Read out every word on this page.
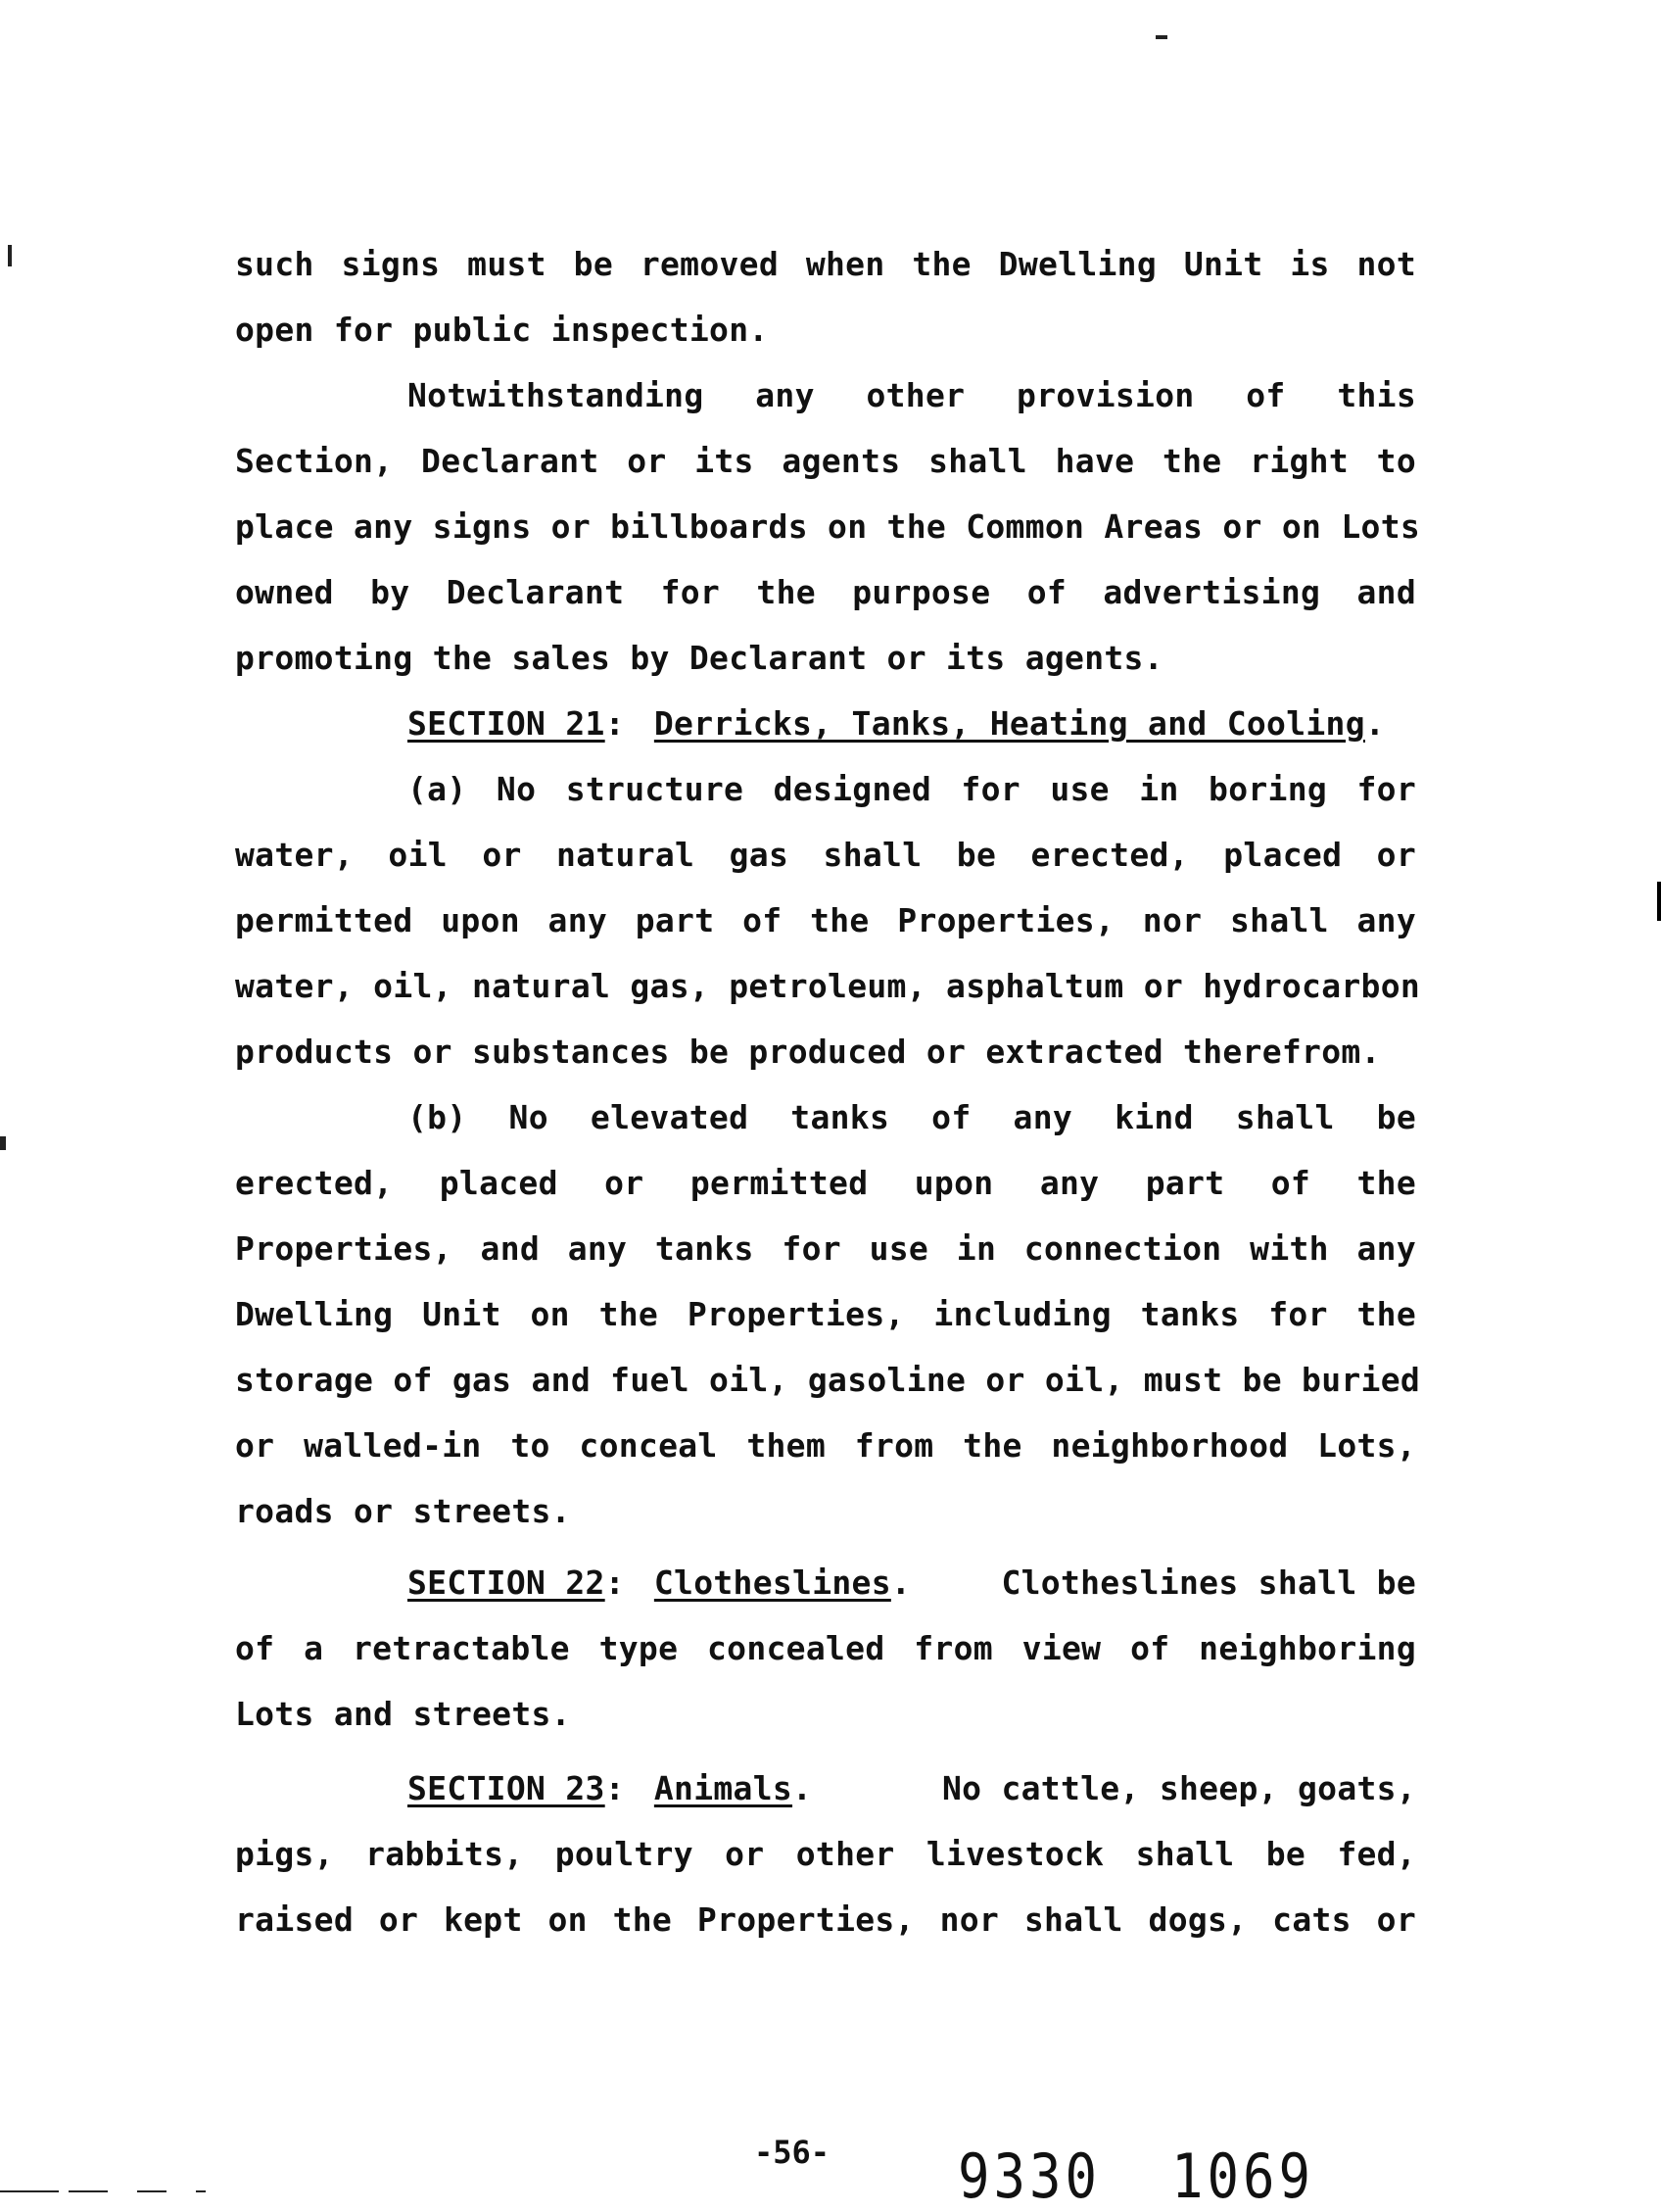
such signs must be removed when the Dwelling Unit is not
open for public inspection.
Notwithstanding any other provision of this
Section, Declarant or its agents shall have the right to
place any signs or billboards on the Common Areas or on Lots
owned by Declarant for the purpose of advertising and
promoting the sales by Declarant or its agents.
SECTION 21: Derricks, Tanks, Heating and Cooling.
(a) No structure designed for use in boring for
water, oil or natural gas shall be erected, placed or
permitted upon any part of the Properties, nor shall any
water, oil, natural gas, petroleum, asphaltum or hydrocarbon
products or substances be produced or extracted therefrom.
(b) No elevated tanks of any kind shall be
erected, placed or permitted upon any part of the
Properties, and any tanks for use in connection with any
Dwelling Unit on the Properties, including tanks for the
storage of gas and fuel oil, gasoline or oil, must be buried
or walled-in to conceal them from the neighborhood Lots,
roads or streets.
SECTION 22: Clotheslines.	Clotheslines shall be
of a retractable type concealed from view of neighboring
Lots and streets.
SECTION 23: Animals.	No cattle, sheep, goats,
pigs, rabbits, poultry or other livestock shall be fed,
raised or kept on the Properties, nor shall dogs, cats or
-56- 9330 1069
